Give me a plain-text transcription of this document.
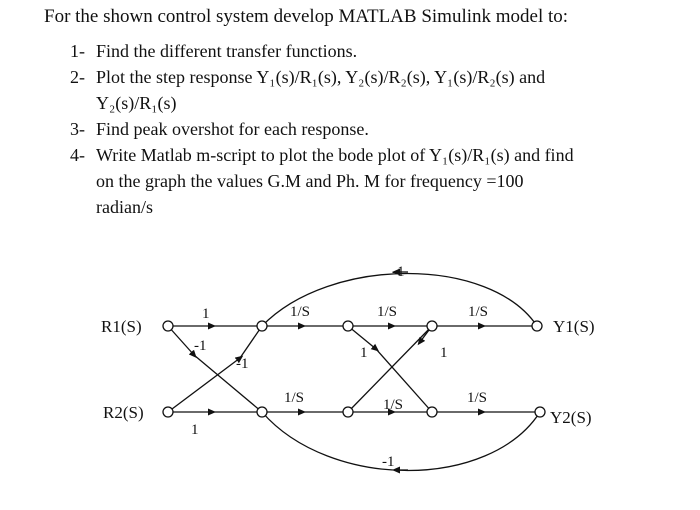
For the shown control system develop MATLAB Simulink model to:
1- Find the different transfer functions.
2- Plot the step response Y₁(s)/R₁(s), Y₂(s)/R₂(s), Y₁(s)/R₂(s) and
Y₂(s)/R₁(s)
3- Find peak overshot for each response.
4- Write Matlab m-script to plot the bode plot of Y₁(s)/R₁(s) and find
on the graph the values G.M and Ph. M for frequency =100
radian/s
R1(S)
R2(S)
Y1(S)
Y2(S)
1	1/S	1/S	1/S
1/S	1/S	1/S
1
-1
-1
1	1
-1
-1
